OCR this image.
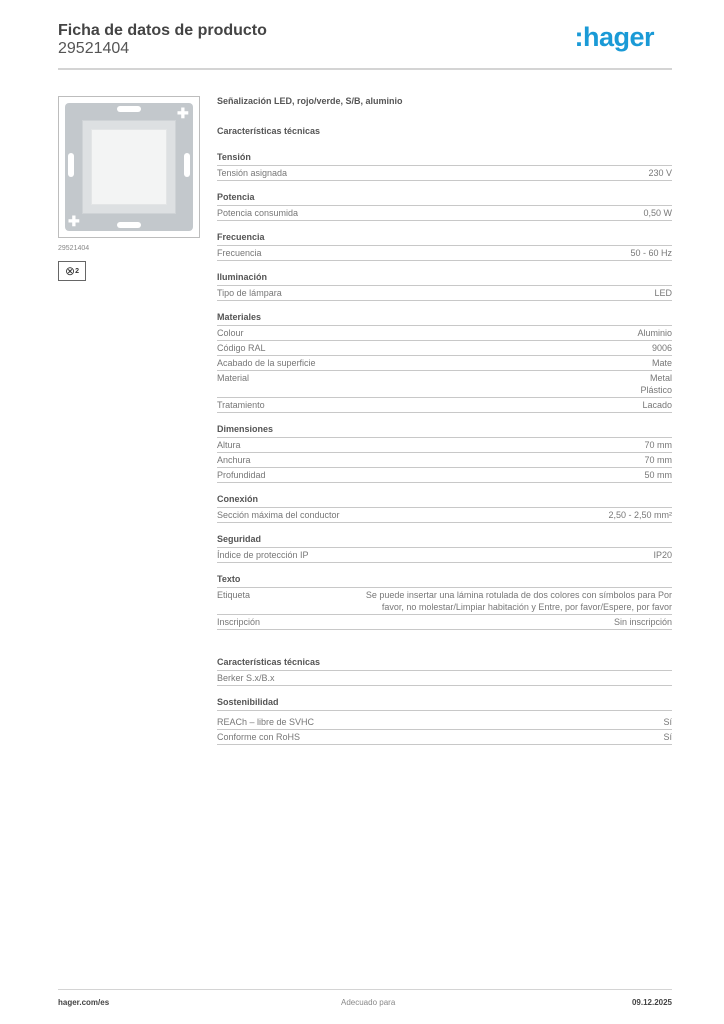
Ficha de datos de producto
29521404	:hager
✚
✚
29521404
⊗ 2
Señalización LED, rojo/verde, S/B, aluminio
Características técnicas
Tensión
Tensión asignada	230 V
Potencia
Potencia consumida	0,50 W
Frecuencia
Frecuencia	50 - 60 Hz
Iluminación
Tipo de lámpara	LED
Materiales
Colour	Aluminio
Código RAL	9006
Acabado de la superficie	Mate
Material	Metal
Plástico
Tratamiento	Lacado
Dimensiones
Altura	70 mm
Anchura	70 mm
Profundidad	50 mm
Conexión
Sección máxima del conductor	2,50 - 2,50 mm²
Seguridad
Índice de protección IP	IP20
Texto
Etiqueta	Se puede insertar una lámina rotulada de dos colores con símbolos para Por favor, no molestar/Limpiar habitación y Entre, por favor/Espere, por favor
Inscripción	Sin inscripción
Características técnicas
Berker S.x/B.x
Sostenibilidad
REACh – libre de SVHC	Sí
Conforme con RoHS	Sí
hager.com/es	Adecuado para	09.12.2025
